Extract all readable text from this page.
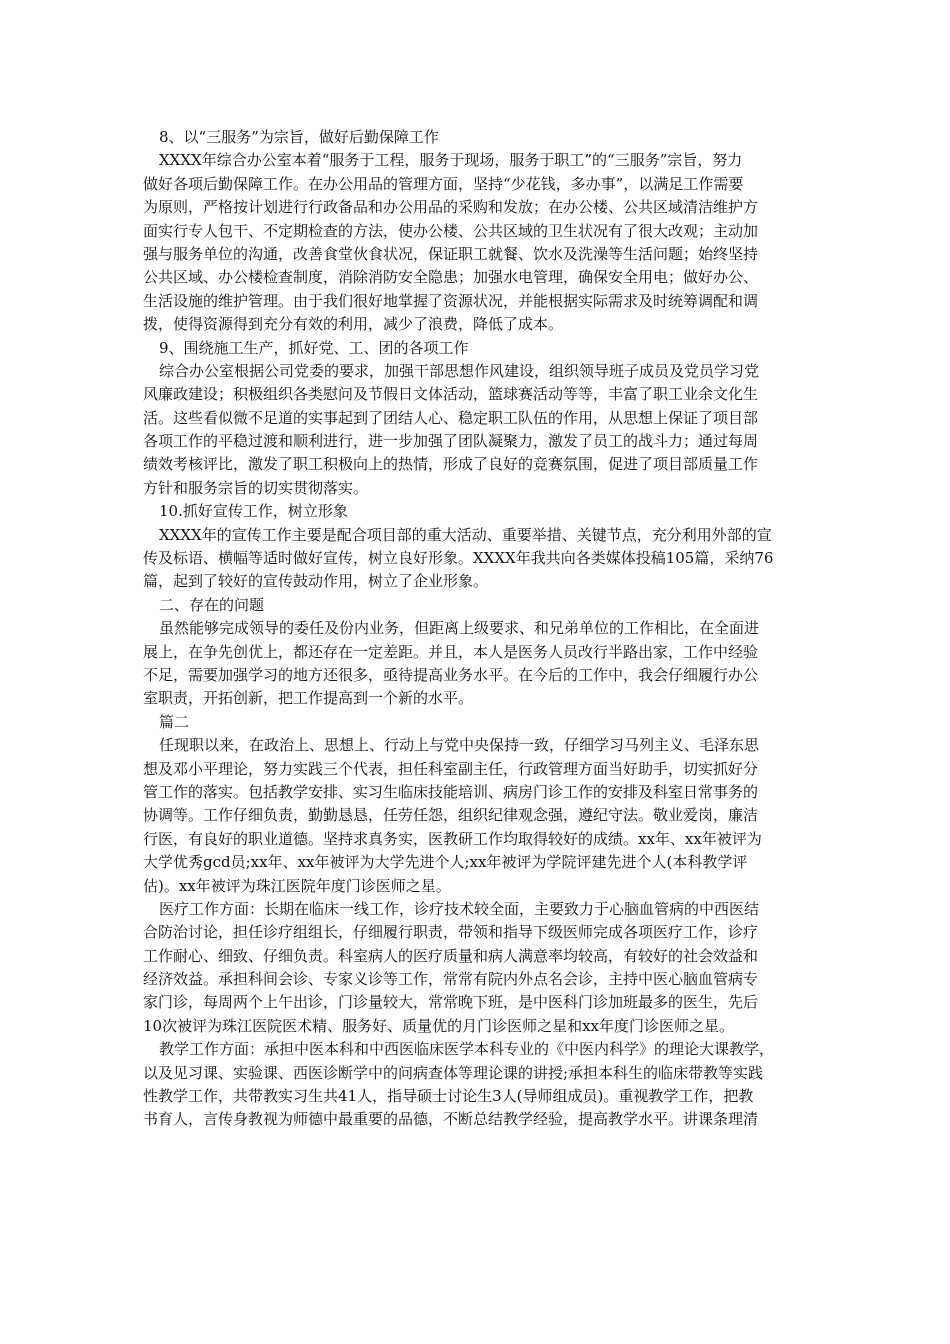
8、以“三服务”为宗旨，做好后勤保障工作
XXXX年综合办公室本着“服务于工程，服务于现场，服务于职工”的“三服务”宗旨，努力
做好各项后勤保障工作。在办公用品的管理方面，坚持“少花钱，多办事”，以满足工作需要
为原则，严格按计划进行行政备品和办公用品的采购和发放；在办公楼、公共区域清洁维护方
面实行专人包干、不定期检查的方法，使办公楼、公共区域的卫生状况有了很大改观；主动加
强与服务单位的沟通，改善食堂伙食状况，保证职工就餐、饮水及洗澡等生活问题；始终坚持
公共区域、办公楼检查制度，消除消防安全隐患；加强水电管理，确保安全用电；做好办公、
生活设施的维护管理。由于我们很好地掌握了资源状况，并能根据实际需求及时统筹调配和调
拨，使得资源得到充分有效的利用，减少了浪费，降低了成本。
9、围绕施工生产，抓好党、工、团的各项工作
综合办公室根据公司党委的要求，加强干部思想作风建设，组织领导班子成员及党员学习党
风廉政建设；积极组织各类慰问及节假日文体活动，篮球赛活动等等，丰富了职工业余文化生
活。这些看似微不足道的实事起到了团结人心、稳定职工队伍的作用，从思想上保证了项目部
各项工作的平稳过渡和顺利进行，进一步加强了团队凝聚力，激发了员工的战斗力；通过每周
绩效考核评比，激发了职工积极向上的热情，形成了良好的竞赛氛围，促进了项目部质量工作
方针和服务宗旨的切实贯彻落实。
10.抓好宣传工作，树立形象
XXXX年的宣传工作主要是配合项目部的重大活动、重要举措、关键节点，充分利用外部的宣
传及标语、横幅等适时做好宣传，树立良好形象。XXXX年我共向各类媒体投稿105篇，采纳76
篇，起到了较好的宣传鼓动作用，树立了企业形象。
二、存在的问题
虽然能够完成领导的委任及份内业务，但距离上级要求、和兄弟单位的工作相比，在全面进
展上，在争先创优上，都还存在一定差距。并且，本人是医务人员改行半路出家，工作中经验
不足，需要加强学习的地方还很多，亟待提高业务水平。在今后的工作中，我会仔细履行办公
室职责，开拓创新，把工作提高到一个新的水平。
篇二
任现职以来，在政治上、思想上、行动上与党中央保持一致，仔细学习马列主义、毛泽东思
想及邓小平理论，努力实践三个代表，担任科室副主任，行政管理方面当好助手，切实抓好分
管工作的落实。包括教学安排、实习生临床技能培训、病房门诊工作的安排及科室日常事务的
协调等。工作仔细负责，勤勤恳恳，任劳任怨，组织纪律观念强，遵纪守法。敬业爱岗，廉洁
行医，有良好的职业道德。坚持求真务实，医教研工作均取得较好的成绩。xx年、xx年被评为
大学优秀gcd员;xx年、xx年被评为大学先进个人;xx年被评为学院评建先进个人(本科教学评
估)。xx年被评为珠江医院年度门诊医师之星。
医疗工作方面：长期在临床一线工作，诊疗技术较全面，主要致力于心脑血管病的中西医结
合防治讨论，担任诊疗组组长，仔细履行职责，带领和指导下级医师完成各项医疗工作，诊疗
工作耐心、细致、仔细负责。科室病人的医疗质量和病人满意率均较高，有较好的社会效益和
经济效益。承担科间会诊、专家义诊等工作，常常有院内外点名会诊，主持中医心脑血管病专
家门诊，每周两个上午出诊，门诊量较大，常常晚下班，是中医科门诊加班最多的医生，先后
10次被评为珠江医院医术精、服务好、质量优的月门诊医师之星和xx年度门诊医师之星。
教学工作方面：承担中医本科和中西医临床医学本科专业的《中医内科学》的理论大课教学，
以及见习课、实验课、西医诊断学中的问病查体等理论课的讲授;承担本科生的临床带教等实践
性教学工作，共带教实习生共41人，指导硕士讨论生3人(导师组成员)。重视教学工作，把教
书育人，言传身教视为师德中最重要的品德，不断总结教学经验，提高教学水平。讲课条理清
